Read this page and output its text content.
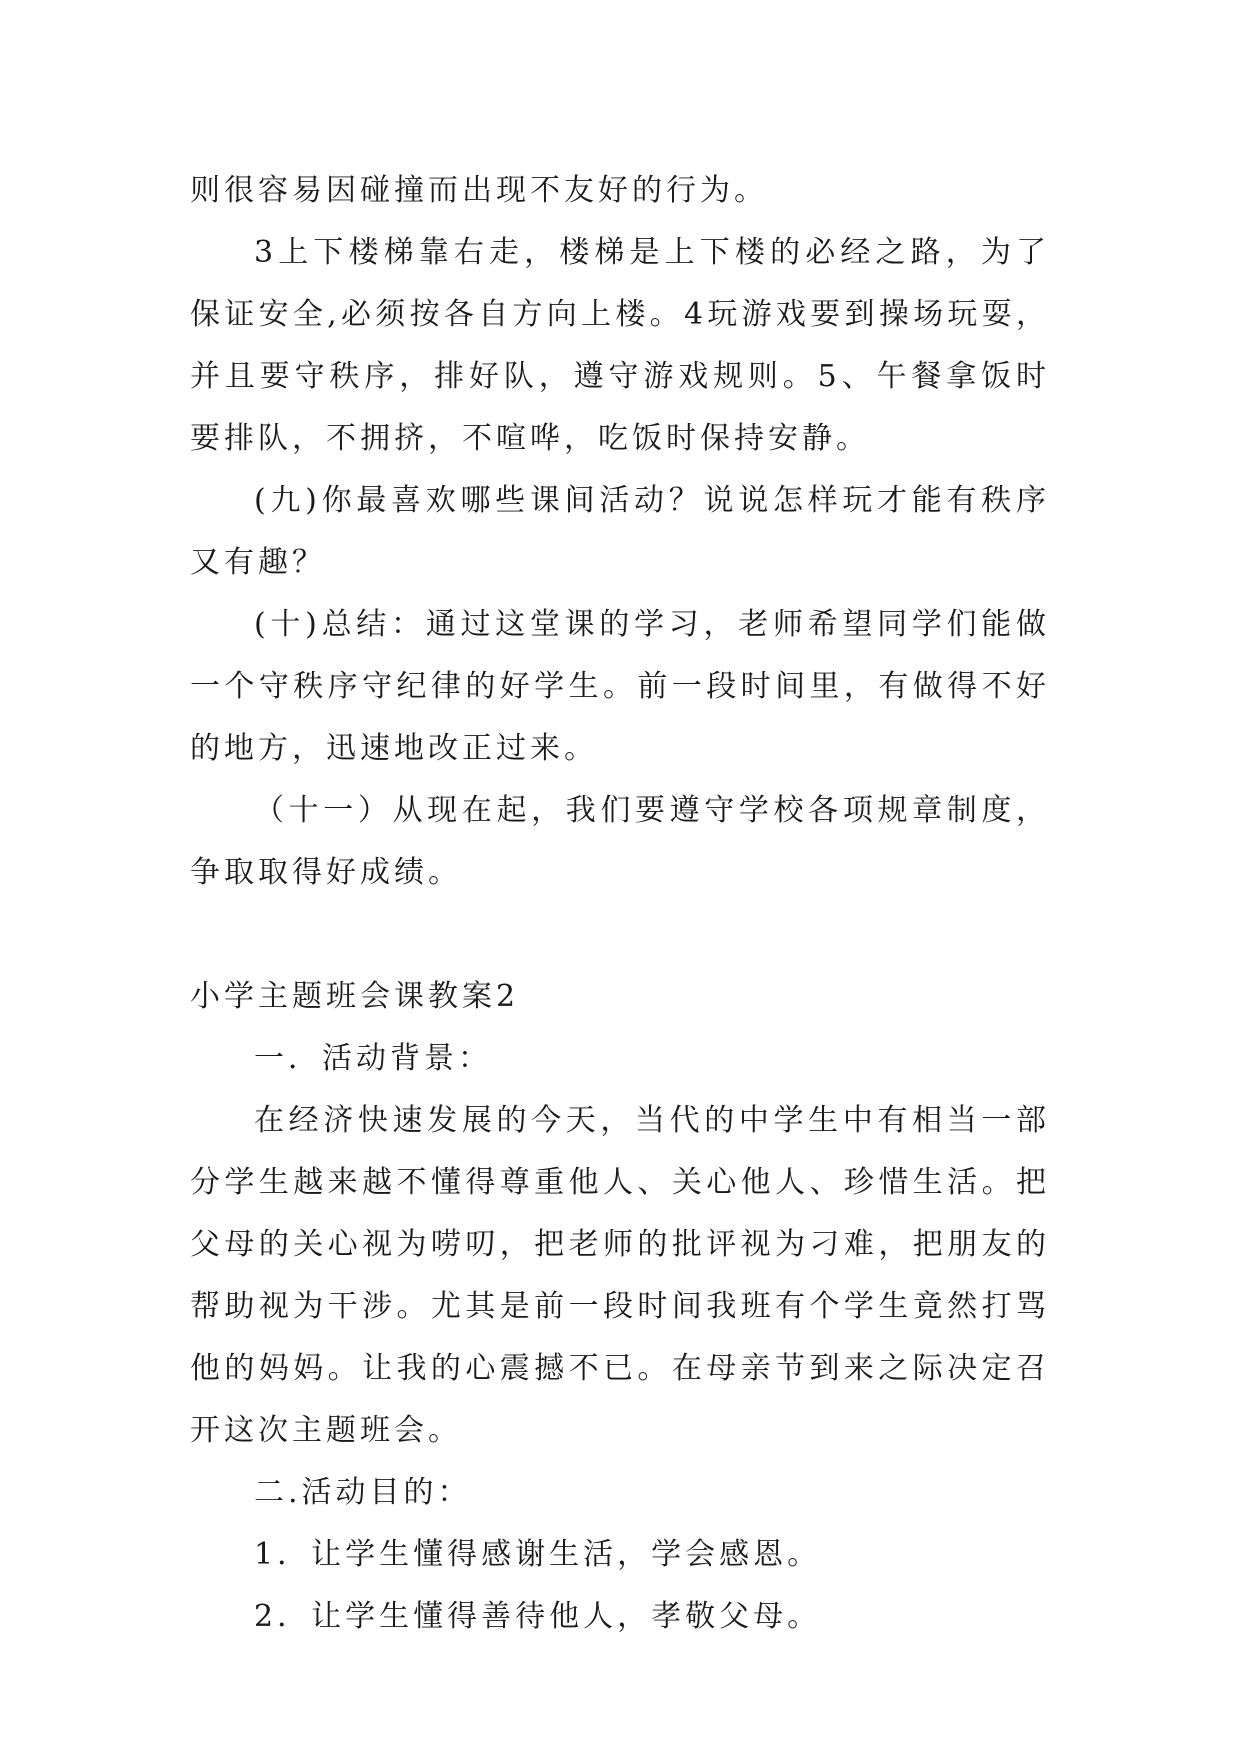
则很容易因碰撞而出现不友好的行为。

3上下楼梯靠右走，楼梯是上下楼的必经之路，为了保证安全,必须按各自方向上楼。4玩游戏要到操场玩耍，并且要守秩序，排好队，遵守游戏规则。5、午餐拿饭时要排队，不拥挤，不喧哗，吃饭时保持安静。

(九)你最喜欢哪些课间活动？说说怎样玩才能有秩序又有趣？

(十)总结：通过这堂课的学习，老师希望同学们能做一个守秩序守纪律的好学生。前一段时间里，有做得不好的地方，迅速地改正过来。

（十一）从现在起，我们要遵守学校各项规章制度，争取取得好成绩。

小学主题班会课教案2

一．活动背景：

在经济快速发展的今天，当代的中学生中有相当一部分学生越来越不懂得尊重他人、关心他人、珍惜生活。把父母的关心视为唠叨，把老师的批评视为刁难，把朋友的帮助视为干涉。尤其是前一段时间我班有个学生竟然打骂他的妈妈。让我的心震撼不已。在母亲节到来之际决定召开这次主题班会。

二.活动目的：

1．让学生懂得感谢生活，学会感恩。

2．让学生懂得善待他人，孝敬父母。
